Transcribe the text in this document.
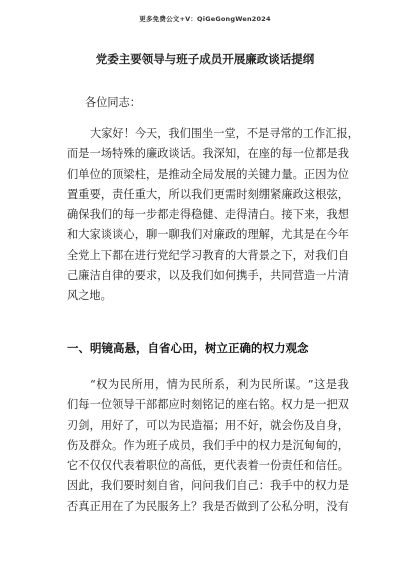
更多免费公文+V：QiGeGongWen2024
党委主要领导与班子成员开展廉政谈话提纲
各位同志：
大 家 好 ！ 今 天 ， 我 们 围 坐 一 堂 ， 不 是 寻 常 的 工 作 汇 报 ，
而 是 一 场 特 殊 的 廉 政 谈 话 。 我 深 知 ， 在 座 的 每 一 位 都 是 我
们 单 位 的 顶 梁 柱 ， 是 推 动 全 局 发 展 的 关 键 力 量 。 正 因 为 位
置 重 要 ， 责 任 重 大 ， 所 以 我 们 更 需 时 刻 绷 紧 廉 政 这 根 弦 ，
确 保 我 们 的 每 一 步 都 走 得 稳 健 、 走 得 清 白 。 接 下 来 ， 我 想
和 大 家 谈 谈 心 ， 聊 一 聊 我 们 对 廉 政 的 理 解 ， 尤 其 是 在 今 年
全 党 上 下 都 在 进 行 党 纪 学 习 教 育 的 大 背 景 之 下 ， 对 我 们 自
己 廉 洁 自 律 的 要 求 ， 以 及 我 们 如 何 携 手 ， 共 同 营 造 一 片 清
风之地。
一、明镜高悬，自省心田，树立正确的权力观念
“ 权 为 民 所 用 ， 情 为 民 所 系 ， 利 为 民 所 谋 。 ” 这 是 我
们 每 一 位 领 导 干 部 都 应 时 刻 铭 记 的 座 右 铭 。 权 力 是 一 把 双
刃 剑 ， 用 好 了 ， 可 以 为 民 造 福 ； 用 不 好 ， 就 会 伤 及 自 身 ，
伤 及 群 众 。 作 为 班 子 成 员 ， 我 们 手 中 的 权 力 是 沉 甸 甸 的 ，
它 不 仅 仅 代 表 着 职 位 的 高 低 ， 更 代 表 着 一 份 责 任 和 信 任 。
因 此 ， 我 们 要 时 刻 自 省 ， 问 问 我 们 自 己 ： 我 手 中 的 权 力 是
否 真 正 用 在 了 为 民 服 务 上 ？ 我 是 否 做 到 了 公 私 分 明 ， 没 有
